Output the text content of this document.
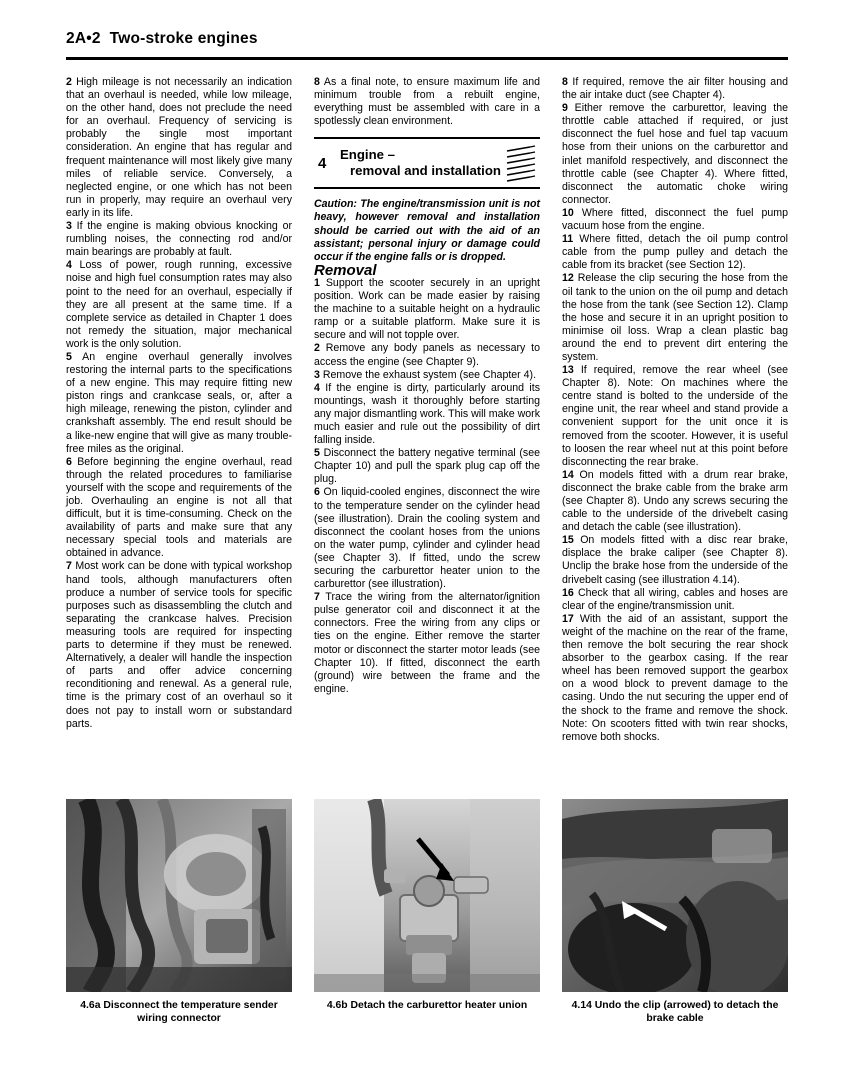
2A•2 Two-stroke engines

2 High mileage is not necessarily an indication that an overhaul is needed, while low mileage, on the other hand, does not preclude the need for an overhaul. Frequency of servicing is probably the single most important consideration. An engine that has regular and frequent maintenance will most likely give many miles of reliable service. Conversely, a neglected engine, or one which has not been run in properly, may require an overhaul very early in its life.

3 If the engine is making obvious knocking or rumbling noises, the connecting rod and/or main bearings are probably at fault.

4 Loss of power, rough running, excessive noise and high fuel consumption rates may also point to the need for an overhaul, especially if they are all present at the same time. If a complete service as detailed in Chapter 1 does not remedy the situation, major mechanical work is the only solution.

5 An engine overhaul generally involves restoring the internal parts to the specifications of a new engine. This may require fitting new piston rings and crankcase seals, or, after a high mileage, renewing the piston, cylinder and crankshaft assembly. The end result should be a like-new engine that will give as many trouble-free miles as the original.

6 Before beginning the engine overhaul, read through the related procedures to familiarise yourself with the scope and requirements of the job. Overhauling an engine is not all that difficult, but it is time-consuming. Check on the availability of parts and make sure that any necessary special tools and materials are obtained in advance.

7 Most work can be done with typical workshop hand tools, although manufacturers often produce a number of service tools for specific purposes such as disassembling the clutch and separating the crankcase halves. Precision measuring tools are required for inspecting parts to determine if they must be renewed. Alternatively, a dealer will handle the inspection of parts and offer advice concerning reconditioning and renewal. As a general rule, time is the primary cost of an overhaul so it does not pay to install worn or substandard parts.

8 As a final note, to ensure maximum life and minimum trouble from a rebuilt engine, everything must be assembled with care in a spotlessly clean environment.

4	Engine –
removal and installation

Caution: The engine/transmission unit is not heavy, however removal and installation should be carried out with the aid of an assistant; personal injury or damage could occur if the engine falls or is dropped.

Removal

1 Support the scooter securely in an upright position. Work can be made easier by raising the machine to a suitable height on a hydraulic ramp or a suitable platform. Make sure it is secure and will not topple over.

2 Remove any body panels as necessary to access the engine (see Chapter 9).

3 Remove the exhaust system (see Chapter 4).

4 If the engine is dirty, particularly around its mountings, wash it thoroughly before starting any major dismantling work. This will make work much easier and rule out the possibility of dirt falling inside.

5 Disconnect the battery negative terminal (see Chapter 10) and pull the spark plug cap off the plug.

6 On liquid-cooled engines, disconnect the wire to the temperature sender on the cylinder head (see illustration). Drain the cooling system and disconnect the coolant hoses from the unions on the water pump, cylinder and cylinder head (see Chapter 3). If fitted, undo the screw securing the carburettor heater union to the carburettor (see illustration).

7 Trace the wiring from the alternator/ignition pulse generator coil and disconnect it at the connectors. Free the wiring from any clips or ties on the engine. Either remove the starter motor or disconnect the starter motor leads (see Chapter 10). If fitted, disconnect the earth (ground) wire between the frame and the engine.

8 If required, remove the air filter housing and the air intake duct (see Chapter 4).

9 Either remove the carburettor, leaving the throttle cable attached if required, or just disconnect the fuel hose and fuel tap vacuum hose from their unions on the carburettor and inlet manifold respectively, and disconnect the throttle cable (see Chapter 4). Where fitted, disconnect the automatic choke wiring connector.

10 Where fitted, disconnect the fuel pump vacuum hose from the engine.

11 Where fitted, detach the oil pump control cable from the pump pulley and detach the cable from its bracket (see Section 12).

12 Release the clip securing the hose from the oil tank to the union on the oil pump and detach the hose from the tank (see Section 12). Clamp the hose and secure it in an upright position to minimise oil loss. Wrap a clean plastic bag around the end to prevent dirt entering the system.

13 If required, remove the rear wheel (see Chapter 8). Note: On machines where the centre stand is bolted to the underside of the engine unit, the rear wheel and stand provide a convenient support for the unit once it is removed from the scooter. However, it is useful to loosen the rear wheel nut at this point before disconnecting the rear brake.

14 On models fitted with a drum rear brake, disconnect the brake cable from the brake arm (see Chapter 8). Undo any screws securing the cable to the underside of the drivebelt casing and detach the cable (see illustration).

15 On models fitted with a disc rear brake, displace the brake caliper (see Chapter 8). Unclip the brake hose from the underside of the drivebelt casing (see illustration 4.14).

16 Check that all wiring, cables and hoses are clear of the engine/transmission unit.

17 With the aid of an assistant, support the weight of the machine on the rear of the frame, then remove the bolt securing the rear shock absorber to the gearbox casing. If the rear wheel has been removed support the gearbox on a wood block to prevent damage to the casing. Undo the nut securing the upper end of the shock to the frame and remove the shock. Note: On scooters fitted with twin rear shocks, remove both shocks.

4.6a Disconnect the temperature sender wiring connector
4.6b Detach the carburettor heater union	4.14 Undo the clip (arrowed) to detach the brake cable
